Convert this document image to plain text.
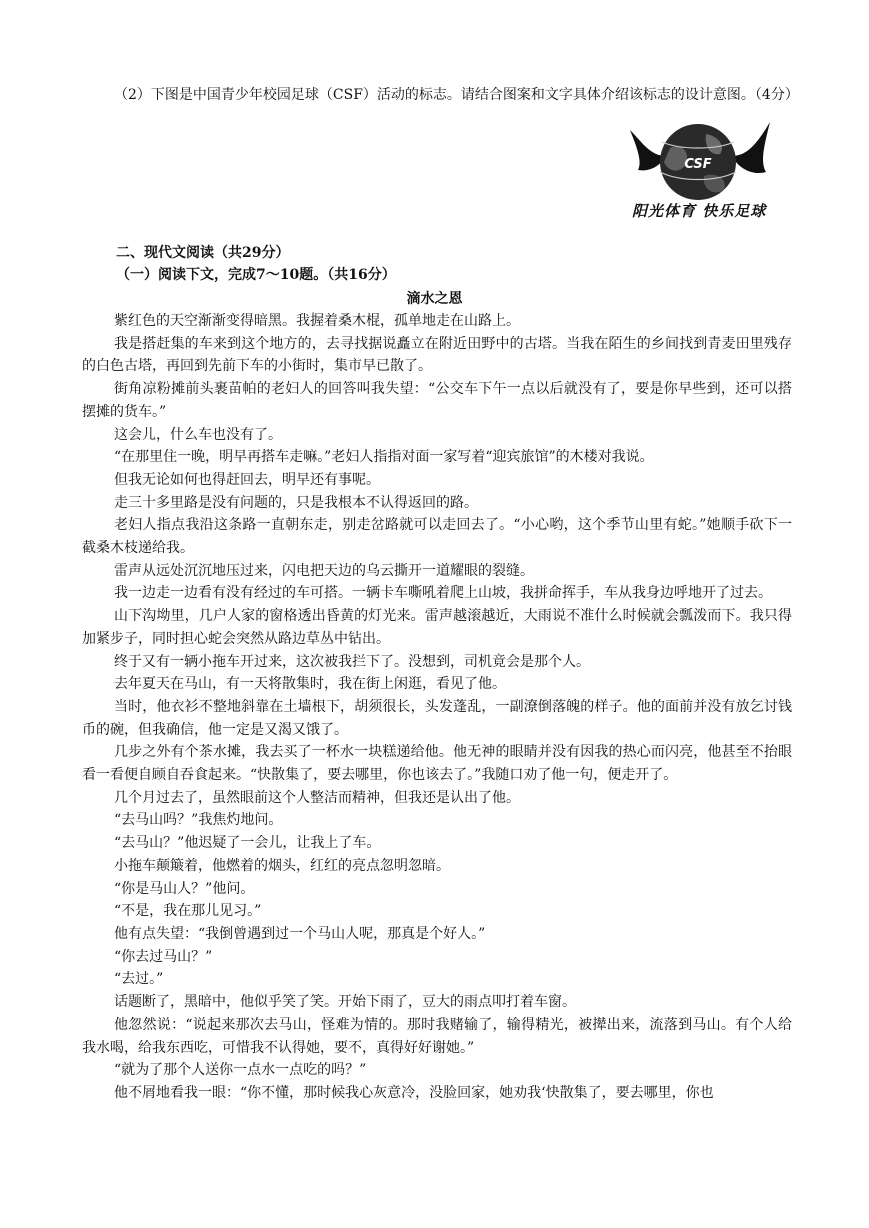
（2）下图是中国青少年校园足球（CSF）活动的标志。请结合图案和文字具体介绍该标志的设计意图。（4分）
CSF
阳光体育 快乐足球
二、现代文阅读（共29分）
（一）阅读下文，完成7～10题。（共16分）
滴水之恩

紫红色的天空渐渐变得暗黑。我握着桑木棍，孤单地走在山路上。

我是搭赶集的车来到这个地方的，去寻找据说矗立在附近田野中的古塔。当我在陌生的乡间找到青麦田里残存的白色古塔，再回到先前下车的小街时，集市早已散了。

街角凉粉摊前头裹苗帕的老妇人的回答叫我失望：“公交车下午一点以后就没有了，要是你早些到，还可以搭摆摊的货车。”

这会儿，什么车也没有了。

“在那里住一晚，明早再搭车走嘛。”老妇人指指对面一家写着“迎宾旅馆”的木楼对我说。

但我无论如何也得赶回去，明早还有事呢。

走三十多里路是没有问题的，只是我根本不认得返回的路。

老妇人指点我沿这条路一直朝东走，别走岔路就可以走回去了。“小心哟，这个季节山里有蛇。”她顺手砍下一截桑木枝递给我。

雷声从远处沉沉地压过来，闪电把天边的乌云撕开一道耀眼的裂缝。

我一边走一边看有没有经过的车可搭。一辆卡车嘶吼着爬上山坡，我拼命挥手，车从我身边呼地开了过去。

山下沟坳里，几户人家的窗格透出昏黄的灯光来。雷声越滚越近，大雨说不准什么时候就会瓢泼而下。我只得加紧步子，同时担心蛇会突然从路边草丛中钻出。

终于又有一辆小拖车开过来，这次被我拦下了。没想到，司机竟会是那个人。

去年夏天在马山，有一天将散集时，我在街上闲逛，看见了他。

当时，他衣衫不整地斜靠在土墙根下，胡须很长，头发蓬乱，一副潦倒落魄的样子。他的面前并没有放乞讨钱币的碗，但我确信，他一定是又渴又饿了。

几步之外有个茶水摊，我去买了一杯水一块糕递给他。他无神的眼睛并没有因我的热心而闪亮，他甚至不抬眼看一看便自顾自吞食起来。“快散集了，要去哪里，你也该去了。”我随口劝了他一句，便走开了。

几个月过去了，虽然眼前这个人整洁而精神，但我还是认出了他。

“去马山吗？”我焦灼地问。

“去马山？”他迟疑了一会儿，让我上了车。

小拖车颠簸着，他燃着的烟头，红红的亮点忽明忽暗。

“你是马山人？”他问。

“不是，我在那儿见习。”

他有点失望：“我倒曾遇到过一个马山人呢，那真是个好人。”

“你去过马山？”

“去过。”

话题断了，黑暗中，他似乎笑了笑。开始下雨了，豆大的雨点叩打着车窗。

他忽然说：“说起来那次去马山，怪难为情的。那时我赌输了，输得精光，被撵出来，流落到马山。有个人给我水喝，给我东西吃，可惜我不认得她，要不，真得好好谢她。”

“就为了那个人送你一点水一点吃的吗？”

他不屑地看我一眼：“你不懂，那时候我心灰意冷，没脸回家，她劝我‘快散集了，要去哪里，你也
